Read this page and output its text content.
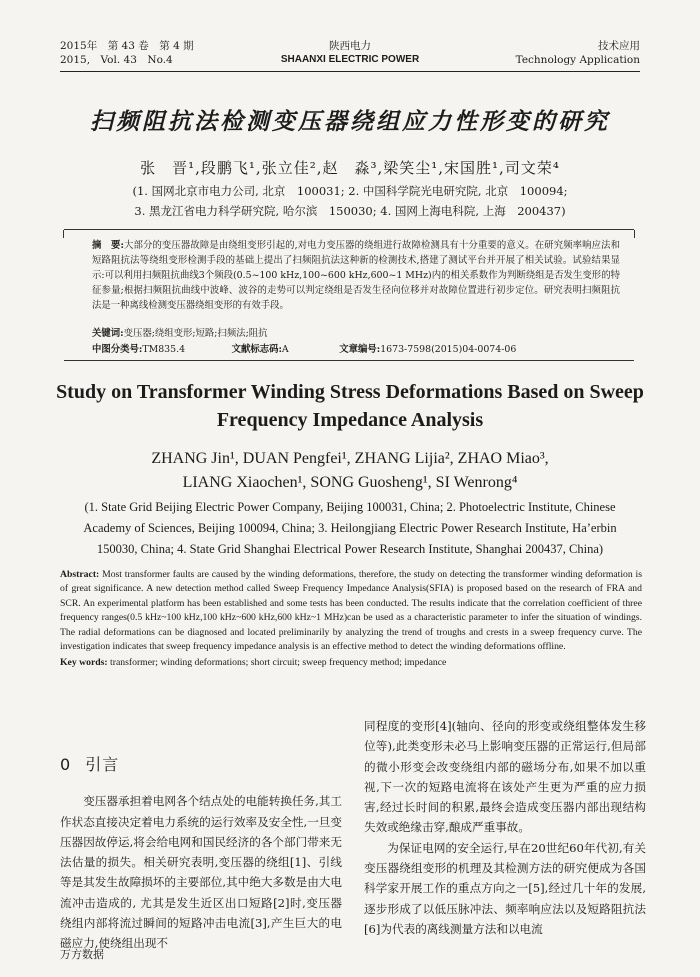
2015年　第 43 卷　第 4 期
2015,　Vol. 43　No.4
陕西电力
SHAANXI ELECTRIC POWER
技术应用
Technology Application
扫频阻抗法检测变压器绕组应力性形变的研究
张　晋¹,段鹏飞¹,张立佳²,赵　淼³,梁笑尘¹,宋国胜¹,司文荣⁴
(1. 国网北京市电力公司, 北京　100031; 2. 中国科学院光电研究院, 北京　100094;
3. 黑龙江省电力科学研究院, 哈尔滨　150030; 4. 国网上海电科院, 上海　200437)
摘　要:大部分的变压器故障是由绕组变形引起的,对电力变压器的绕组进行故障检测具有十分重要的意义。在研究频率响应法和短路阻抗法等绕组变形检测手段的基础上提出了扫频阻抗法这种新的检测技术,搭建了测试平台并开展了相关试验。试验结果显示:可以利用扫频阻抗曲线3个频段(0.5~100 kHz,100~600 kHz,600~1 MHz)内的相关系数作为判断绕组是否发生变形的特征参量;根据扫频阻抗曲线中波峰、波谷的走势可以判定绕组是否发生径向位移并对故障位置进行初步定位。研究表明扫频阻抗法是一种离线检测变压器绕组变形的有效手段。
关键词:变压器;绕组变形;短路;扫频法;阻抗
中图分类号:TM835.4	文献标志码:A	文章编号:1673-7598(2015)04-0074-06
Study on Transformer Winding Stress Deformations Based on Sweep Frequency Impedance Analysis
ZHANG Jin¹, DUAN Pengfei¹, ZHANG Lijia², ZHAO Miao³,
LIANG Xiaochen¹, SONG Guosheng¹, SI Wenrong⁴
(1. State Grid Beijing Electric Power Company, Beijing 100031, China; 2. Photoelectric Institute, Chinese
Academy of Sciences, Beijing 100094, China; 3. Heilongjiang Electric Power Research Institute, Ha’erbin
150030, China; 4. State Grid Shanghai Electrical Power Research Institute, Shanghai 200437, China)
Abstract: Most transformer faults are caused by the winding deformations, therefore, the study on detecting the transformer winding deformation is of great significance. A new detection method called Sweep Frequency Impedance Analysis(SFIA) is proposed based on the research of FRA and SCR. An experimental platform has been established and some tests has been conducted. The results indicate that the correlation coefficient of three frequency ranges(0.5 kHz~100 kHz,100 kHz~600 kHz,600 kHz~1 MHz)can be used as a characteristic parameter to infer the situation of windings. The radial deformations can be diagnosed and located preliminarily by analyzing the trend of troughs and crests in a sweep frequency curve. The investigation indicates that sweep frequency impedance analysis is an effective method to detect the winding deformations offline.
Key words: transformer; winding deformations; short circuit; sweep frequency method; impedance
0 引言

变压器承担着电网各个结点处的电能转换任务,其工作状态直接决定着电力系统的运行效率及安全性,一旦变压器因故停运,将会给电网和国民经济的各个部门带来无法估量的损失。相关研究表明,变压器的绕组[1]、引线等是其发生故障损坏的主要部位,其中绝大多数是由大电流冲击造成的, 尤其是发生近区出口短路[2]时,变压器绕组内部将流过瞬间的短路冲击电流[3],产生巨大的电磁应力,使绕组出现不

同程度的变形[4](轴向、径向的形变或绕组整体发生移位等),此类变形未必马上影响变压器的正常运行,但局部的微小形变会改变绕组内部的磁场分布,如果不加以重视,下一次的短路电流将在该处产生更为严重的应力损害,经过长时间的积累,最终会造成变压器内部出现结构失效或绝缘击穿,酿成严重事故。

为保证电网的安全运行,早在20世纪60年代初,有关变压器绕组变形的机理及其检测方法的研究便成为各国科学家开展工作的重点方向之一[5],经过几十年的发展,逐步形成了以低压脉冲法、频率响应法以及短路阻抗法[6]为代表的离线测量方法和以电流

万方数据
